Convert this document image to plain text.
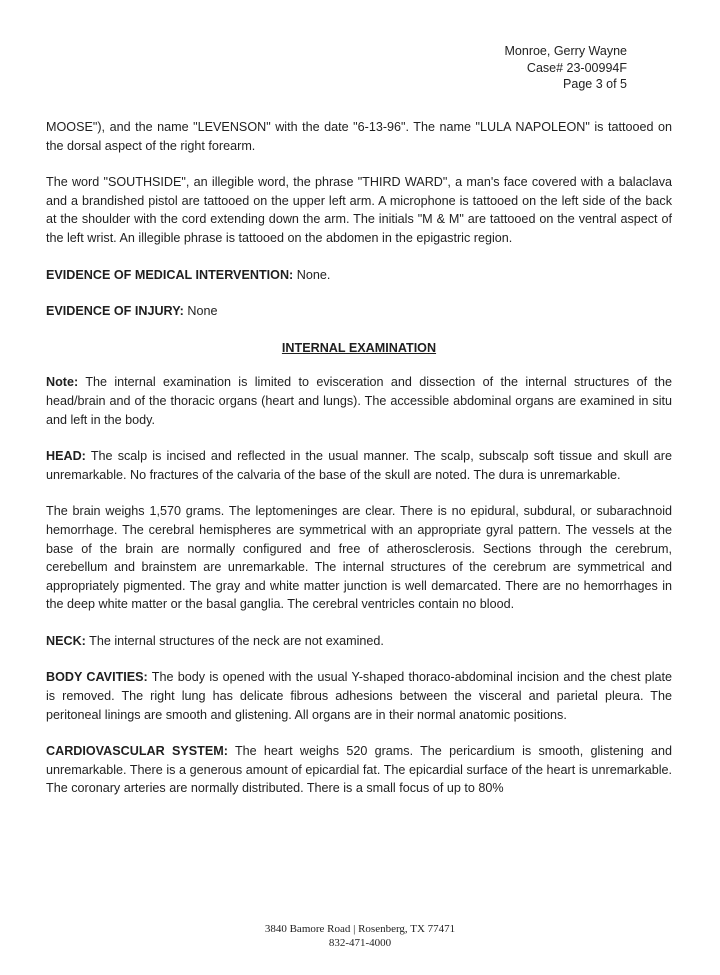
Monroe, Gerry Wayne
Case# 23-00994F
Page 3 of 5

MOOSE"), and the name "LEVENSON" with the date "6-13-96". The name "LULA NAPOLEON" is tattooed on the dorsal aspect of the right forearm.

The word "SOUTHSIDE", an illegible word, the phrase "THIRD WARD", a man's face covered with a balaclava and a brandished pistol are tattooed on the upper left arm. A microphone is tattooed on the left side of the back at the shoulder with the cord extending down the arm. The initials "M & M" are tattooed on the ventral aspect of the left wrist. An illegible phrase is tattooed on the abdomen in the epigastric region.

EVIDENCE OF MEDICAL INTERVENTION: None.

EVIDENCE OF INJURY: None

INTERNAL EXAMINATION

Note: The internal examination is limited to evisceration and dissection of the internal structures of the head/brain and of the thoracic organs (heart and lungs). The accessible abdominal organs are examined in situ and left in the body.

HEAD: The scalp is incised and reflected in the usual manner. The scalp, subscalp soft tissue and skull are unremarkable. No fractures of the calvaria of the base of the skull are noted. The dura is unremarkable.

The brain weighs 1,570 grams. The leptomeninges are clear. There is no epidural, subdural, or subarachnoid hemorrhage. The cerebral hemispheres are symmetrical with an appropriate gyral pattern. The vessels at the base of the brain are normally configured and free of atherosclerosis. Sections through the cerebrum, cerebellum and brainstem are unremarkable. The internal structures of the cerebrum are symmetrical and appropriately pigmented. The gray and white matter junction is well demarcated. There are no hemorrhages in the deep white matter or the basal ganglia. The cerebral ventricles contain no blood.

NECK: The internal structures of the neck are not examined.

BODY CAVITIES: The body is opened with the usual Y-shaped thoraco-abdominal incision and the chest plate is removed. The right lung has delicate fibrous adhesions between the visceral and parietal pleura. The peritoneal linings are smooth and glistening. All organs are in their normal anatomic positions.

CARDIOVASCULAR SYSTEM: The heart weighs 520 grams. The pericardium is smooth, glistening and unremarkable. There is a generous amount of epicardial fat. The epicardial surface of the heart is unremarkable. The coronary arteries are normally distributed. There is a small focus of up to 80%

3840 Bamore Road | Rosenberg, TX 77471
832-471-4000
